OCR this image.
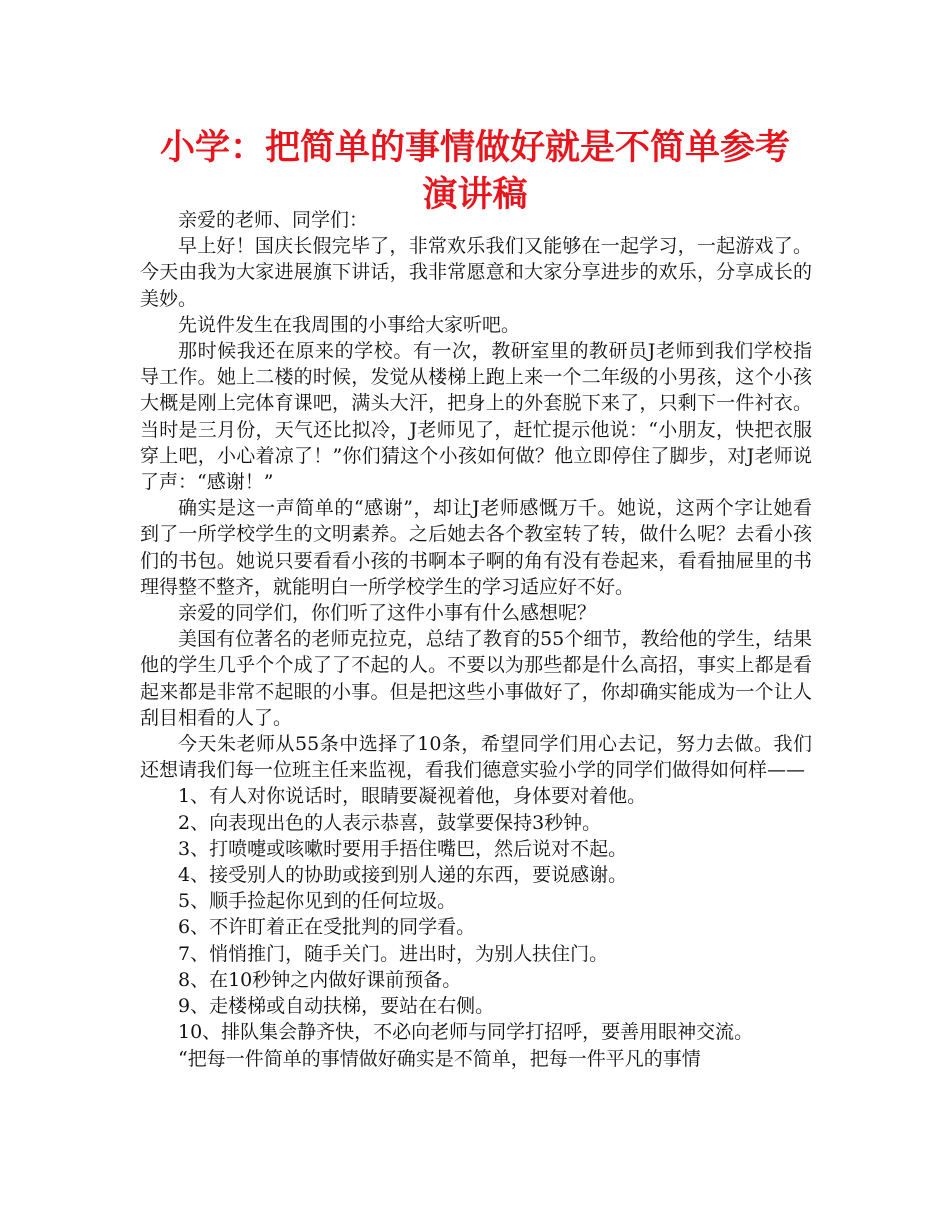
小学：把简单的事情做好就是不简单参考
演讲稿

亲爱的老师、同学们：

早上好！国庆长假完毕了，非常欢乐我们又能够在一起学习，一起游戏了。今天由我为大家进展旗下讲话，我非常愿意和大家分享进步的欢乐，分享成长的美妙。

先说件发生在我周围的小事给大家听吧。

那时候我还在原来的学校。有一次，教研室里的教研员J老师到我们学校指导工作。她上二楼的时候，发觉从楼梯上跑上来一个二年级的小男孩，这个小孩大概是刚上完体育课吧，满头大汗，把身上的外套脱下来了，只剩下一件衬衣。当时是三月份，天气还比拟冷，J老师见了，赶忙提示他说：“小朋友，快把衣服穿上吧，小心着凉了！”你们猜这个小孩如何做？他立即停住了脚步，对J老师说了声：“感谢！”

确实是这一声简单的“感谢”，却让J老师感慨万千。她说，这两个字让她看到了一所学校学生的文明素养。之后她去各个教室转了转，做什么呢？去看小孩们的书包。她说只要看看小孩的书啊本子啊的角有没有卷起来，看看抽屉里的书理得整不整齐，就能明白一所学校学生的学习适应好不好。

亲爱的同学们，你们听了这件小事有什么感想呢？

美国有位著名的老师克拉克，总结了教育的55个细节，教给他的学生，结果他的学生几乎个个成了了不起的人。不要以为那些都是什么高招，事实上都是看起来都是非常不起眼的小事。但是把这些小事做好了，你却确实能成为一个让人刮目相看的人了。

今天朱老师从55条中选择了10条，希望同学们用心去记，努力去做。我们还想请我们每一位班主任来监视，看我们德意实验小学的同学们做得如何样——

1、有人对你说话时，眼睛要凝视着他，身体要对着他。

2、向表现出色的人表示恭喜，鼓掌要保持3秒钟。

3、打喷嚏或咳嗽时要用手捂住嘴巴，然后说对不起。

4、接受别人的协助或接到别人递的东西，要说感谢。

5、顺手捡起你见到的任何垃圾。

6、不许盯着正在受批判的同学看。

7、悄悄推门，随手关门。进出时，为别人扶住门。

8、在10秒钟之内做好课前预备。

9、走楼梯或自动扶梯，要站在右侧。

10、排队集会静齐快，不必向老师与同学打招呼，要善用眼神交流。

“把每一件简单的事情做好确实是不简单，把每一件平凡的事情
